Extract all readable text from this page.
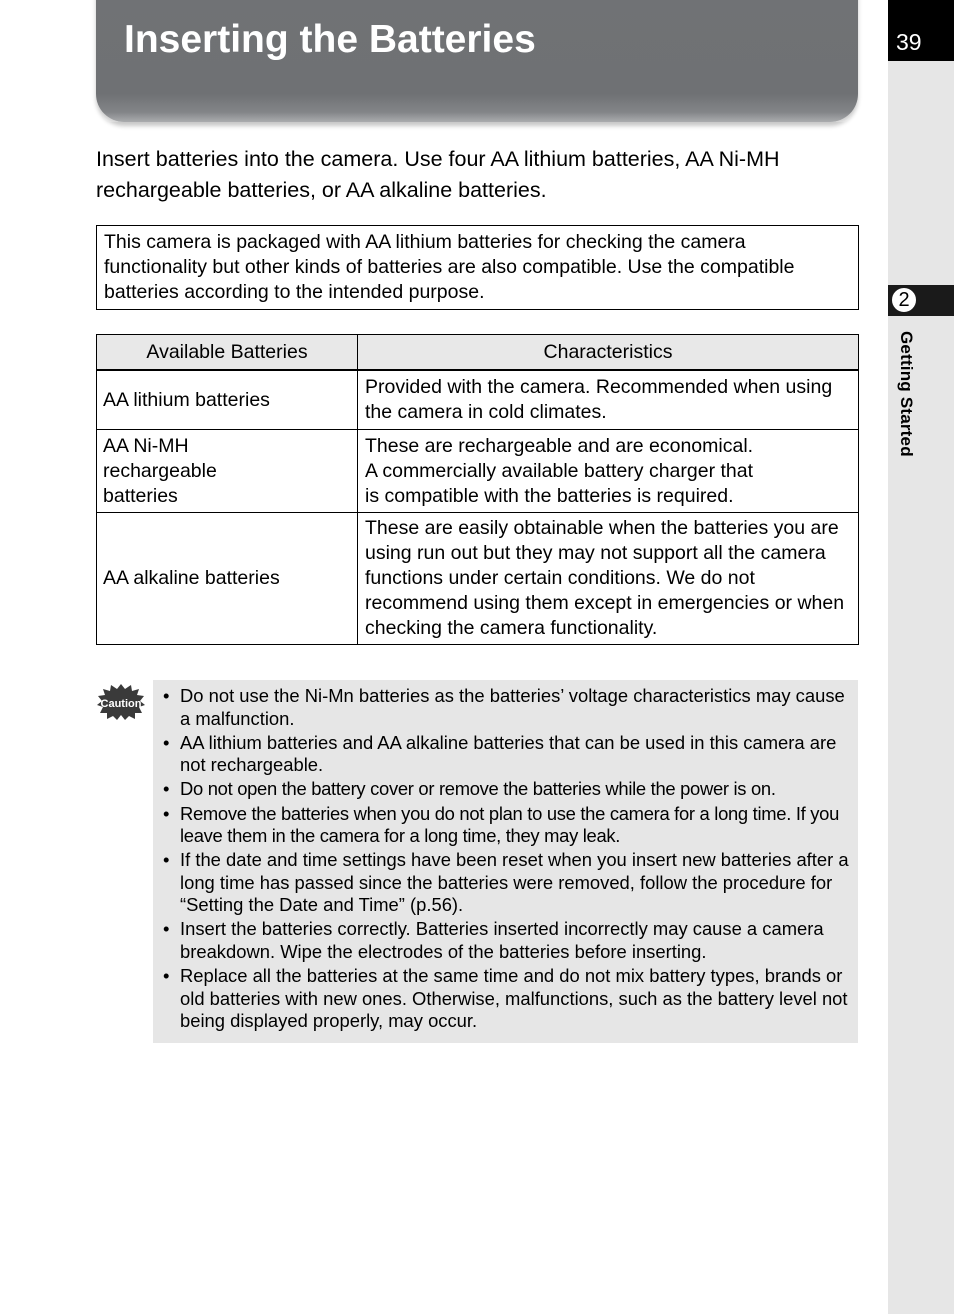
39
2
Getting Started
Inserting the Batteries

Insert batteries into the camera. Use four AA lithium batteries, AA Ni-MH rechargeable batteries, or AA alkaline batteries.

This camera is packaged with AA lithium batteries for checking the camera functionality but other kinds of batteries are also compatible. Use the compatible batteries according to the intended purpose.
Available Batteries	Characteristics
AA lithium batteries	Provided with the camera. Recommended when using the camera in cold climates.

AA Ni-MH rechargeable batteries	These are rechargeable and are economical.
A commercially available battery charger that is compatible with the batteries is required.

AA alkaline batteries	These are easily obtainable when the batteries you are using run out but they may not support all the camera functions under certain conditions. We do not recommend using them except in emergencies or when checking the camera functionality.
Caution • Do not use the Ni-Mn batteries as the batteries’ voltage characteristics may cause a malfunction.
• AA lithium batteries and AA alkaline batteries that can be used in this camera are not rechargeable.
• Do not open the battery cover or remove the batteries while the power is on.
• Remove the batteries when you do not plan to use the camera for a long time. If you leave them in the camera for a long time, they may leak.
• If the date and time settings have been reset when you insert new batteries after a long time has passed since the batteries were removed, follow the procedure for “Setting the Date and Time” (p.56).
• Insert the batteries correctly. Batteries inserted incorrectly may cause a camera breakdown. Wipe the electrodes of the batteries before inserting.
• Replace all the batteries at the same time and do not mix battery types, brands or old batteries with new ones. Otherwise, malfunctions, such as the battery level not being displayed properly, may occur.
